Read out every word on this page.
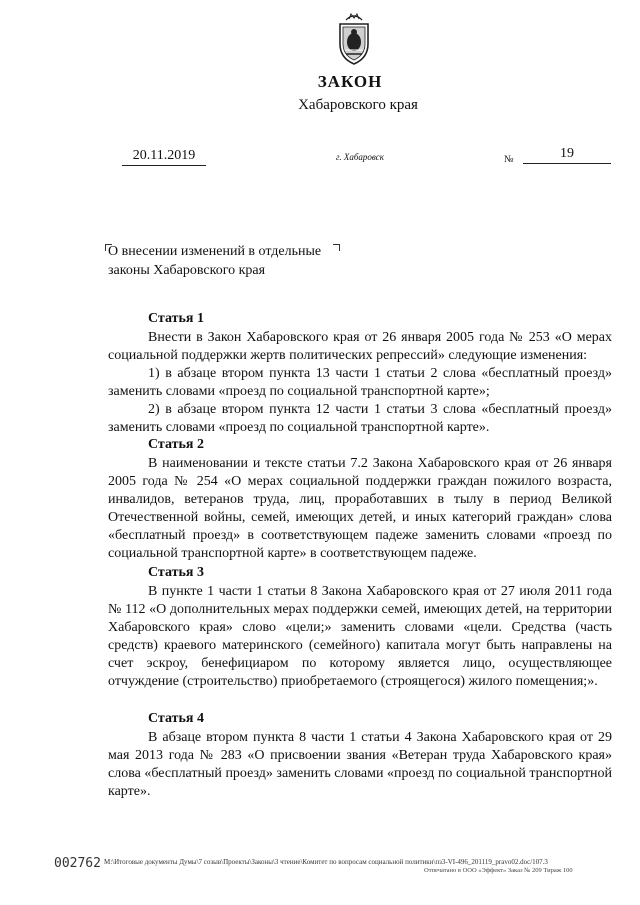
ЗАКОН
Хабаровского края
20.11.2019	г. Хабаровск	№	19
О внесении изменений в отдельные
законы Хабаровского края
Статья 1

Внести в Закон Хабаровского края от 26 января 2005 года № 253 «О мерах социальной поддержки жертв политических репрессий» следующие изменения:

1) в абзаце втором пункта 13 части 1 статьи 2 слова «бесплатный проезд» заменить словами «проезд по социальной транспортной карте»;

2) в абзаце втором пункта 12 части 1 статьи 3 слова «бесплатный проезд» заменить словами «проезд по социальной транспортной карте».

Статья 2

В наименовании и тексте статьи 7.2 Закона Хабаровского края от 26 января 2005 года № 254 «О мерах социальной поддержки граждан пожилого возраста, инвалидов, ветеранов труда, лиц, проработавших в тылу в период Великой Отечественной войны, семей, имеющих детей, и иных категорий граждан» слова «бесплатный проезд» в соответствующем падеже заменить словами «проезд по социальной транспортной карте» в соответствующем падеже.

Статья 3

В пункте 1 части 1 статьи 8 Закона Хабаровского края от 27 июля 2011 года № 112 «О дополнительных мерах поддержки семей, имеющих детей, на территории Хабаровского края» слово «цели;» заменить словами «цели. Средства (часть средств) краевого материнского (семейного) капитала могут быть направлены на счет эскроу, бенефициаром по которому является лицо, осуществляющее отчуждение (строительство) приобретаемого (строящегося) жилого помещения;».

Статья 4

В абзаце втором пункта 8 части 1 статьи 4 Закона Хабаровского края от 29 мая 2013 года № 283 «О присвоении звания «Ветеран труда Хабаровского края» слова «бесплатный проезд» заменить словами «проезд по социальной транспортной карте».

002762 M:\Итоговые документы Думы\7 созыв\Проекты\Законы\3 чтение\Комитет по вопросам социальной политики\пз3-VI-496_201119_prаvo02.doc/107.3
Отпечатано в ООО «Эффект» Заказ № 209 Тираж 100
